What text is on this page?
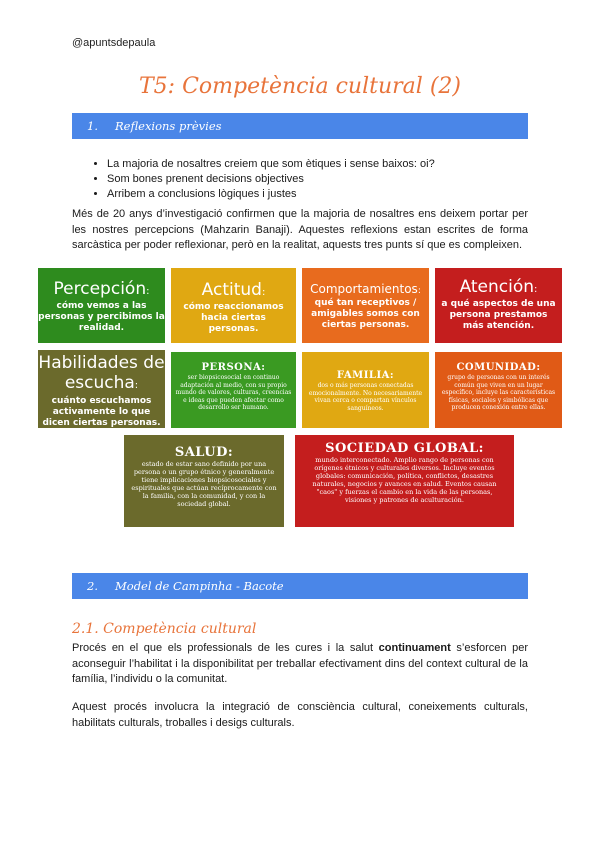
@apuntsdepaula
T5: Competència cultural (2)
1. Reflexions prèvies
• La majoria de nosaltres creiem que som ètiques i sense baixos: oi?
• Som bones prenent decisions objectives
• Arribem a conclusions lògiques i justes

Més de 20 anys d’investigació confirmen que la majoria de nosaltres ens deixem portar per les nostres percepcions (Mahzarin Banaji). Aquestes reflexions estan escrites de forma sarcàstica per poder reflexionar, però en la realitat, aquests tres punts sí que es compleixen.

Percepción:
cómo vemos a las personas y percibimos la realidad.
Actitud:
cómo reaccionamos hacia ciertas personas.
Comportamientos:
qué tan receptivos / amigables somos con ciertas personas.
Atención:
a qué aspectos de una persona prestamos más atención.
Habilidades de escucha:
cuánto escuchamos activamente lo que dicen ciertas personas.
PERSONA:
ser biopsicosocial en continuo adaptación al medio, con su propio mundo de valores, culturas, creencias e ideas que pueden afectar como desarrollo ser humano.
FAMILIA:
dos o más personas conectadas emocionalmente. No necesariamente vivan cerca o compartan vínculos sanguíneos.
COMUNIDAD:
grupo de personas con un interés común que viven en un lugar específico, incluye las características físicas, sociales y simbólicas que producen conexión entre ellas.
SALUD:
estado de estar sano definido por una persona o un grupo étnico y generalmente tiene implicaciones biopsicosociales y espirituales que actúan recíprocamente con la familia, con la comunidad, y con la sociedad global.
SOCIEDAD GLOBAL:
mundo interconectado. Amplio rango de personas con orígenes étnicos y culturales diversos. Incluye eventos globales: comunicación, política, conflictos, desastres naturales, negocios y avances en salud. Eventos causan "caos" y fuerzas el cambio en la vida de las personas, visiones y patrones de aculturación.
2. Model de Campinha - Bacote
2.1. Competència cultural

Procés en el que els professionals de les cures i la salut continuament s’esforcen per aconseguir l’habilitat i la disponibilitat per treballar efectivament dins del context cultural de la família, l’individu o la comunitat.

Aquest procés involucra la integració de consciència cultural, coneixements culturals, habilitats culturals, troballes i desigs culturals.
